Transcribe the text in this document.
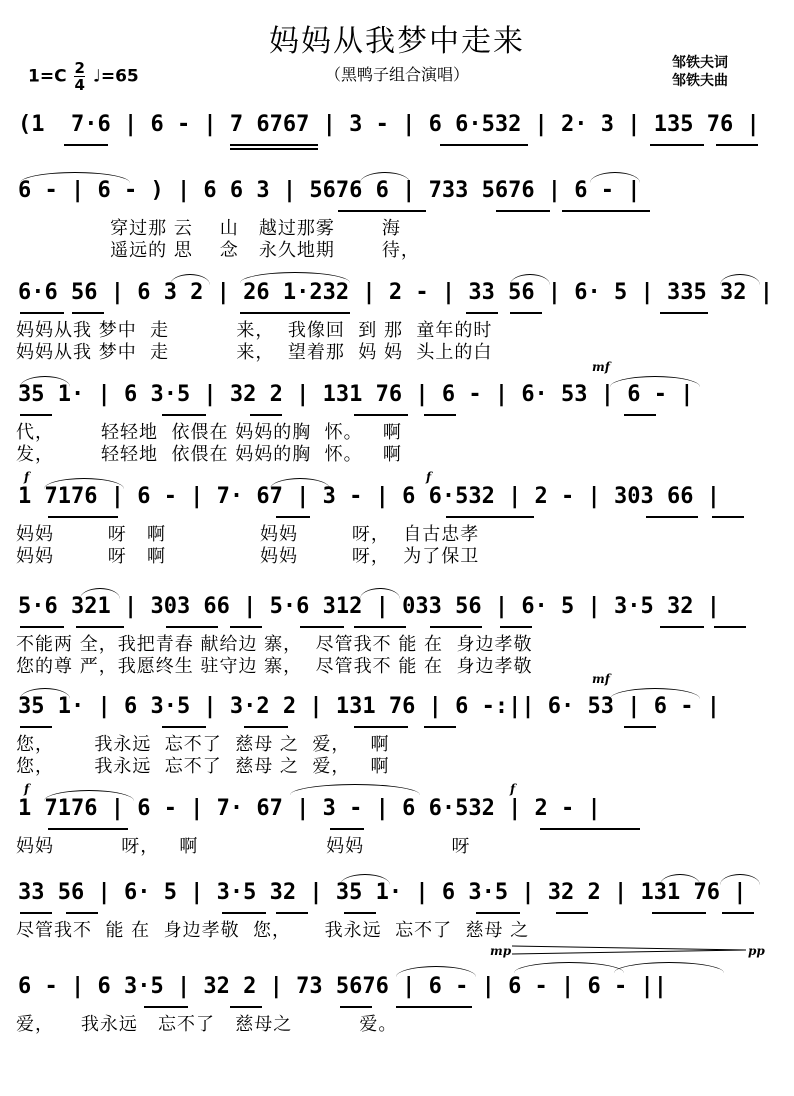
妈妈从我梦中走来
（黑鸭子组合演唱）
$1=C \frac{2}{4}$ ♩=65
邹铁夫词
邹铁夫曲
(1  7·6 | 6 - | 7 6767 | 3 - | 6 6·532 | 2· 3 | 135 76 |
6 - | 6 - ) | 6 6 3 | 5676 6 | 733 5676 | 6 - |
穿过那 云    山   越过那雾       海
遥远的 思    念   永久地期       待，
6·6 56 | 6 3 2 | 26 1·232 | 2 - | 33 56 | 6· 5 | 335 32 |
妈妈从我 梦中  走          来，  我像回  到 那  童年的时
妈妈从我 梦中  走          来，  望着那  妈 妈  头上的白
mf
35 1· | 6 3·5 | 32 2 | 131 76 | 6 - | 6· 53 | 6 - |
代，       轻轻地  依偎在 妈妈的胸  怀。   啊
发，       轻轻地  依偎在 妈妈的胸  怀。   啊
f	f
1 7176 | 6 - | 7· 67 | 3 - | 6 6·532 | 2 - | 303 66 |
妈妈        呀   啊              妈妈        呀，  自古忠孝
妈妈        呀   啊              妈妈        呀，  为了保卫
5·6 321 | 303 66 | 5·6 312 | 033 56 | 6· 5 | 3·5 32 |
不能两 全，我把青春 献给边 寨，  尽管我不 能 在  身边孝敬
您的尊 严，我愿终生 驻守边 寨，  尽管我不 能 在  身边孝敬
mf
35 1· | 6 3·5 | 3·2 2 | 131 76 | 6 -:|| 6· 53 | 6 - |
您，      我永远  忘不了  慈母 之  爱，   啊
您，      我永远  忘不了  慈母 之  爱，   啊
f	f
1 7176 | 6 - | 7· 67 | 3 - | 6 6·532 | 2 - |
妈妈          呀，   啊                   妈妈             呀
33 56 | 6· 5 | 3·5 32 | 35 1· | 6 3·5 | 32 2 | 131 76 |
尽管我不  能 在  身边孝敬  您，     我永远  忘不了  慈母 之
mp	pp
6 - | 6 3·5 | 32 2 | 73 5676 | 6 - | 6 - | 6 - ||
爱，    我永远   忘不了   慈母之          爱。
